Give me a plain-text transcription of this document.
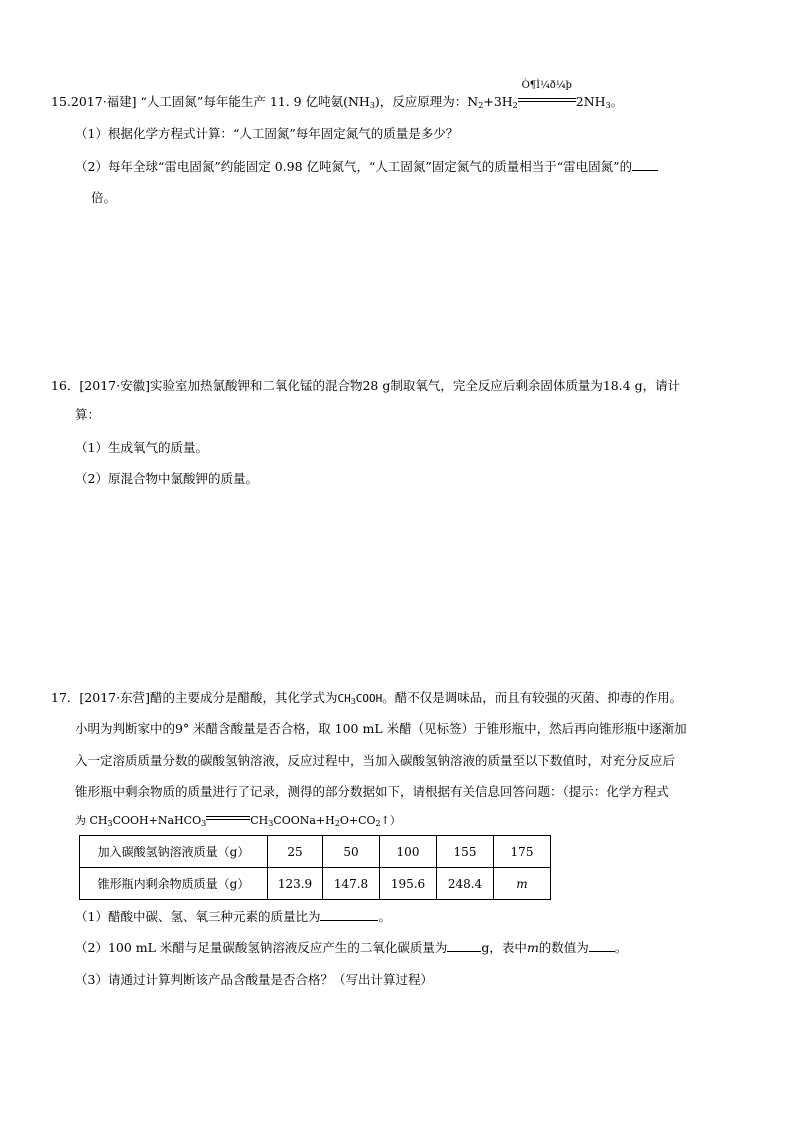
15.2017·福建] “人工固氮”每年能生产 11. 9 亿吨氨$(NH_3)$，反应原理为：$N_2+3H_2$
Ò¶Ì¼ð¼þ
$2NH_3$。
（1）根据化学方程式计算：“人工固氮”每年固定氮气的质量是多少？
（2）每年全球“雷电固氮”约能固定 0.98 亿吨氮气，“人工固氮”固定氮气的质量相当于“雷电固氮”的
倍。
16．[2017·安徽]实验室加热氯酸钾和二氧化锰的混合物28 g制取氧气，完全反应后剩余固体质量为18.4 g，请计
算：
（1）生成氧气的质量。
（2）原混合物中氯酸钾的质量。
17．[2017·东营]醋的主要成分是醋酸，其化学式为$CH_3COOH$。醋不仅是调味品，而且有较强的灭菌、抑毒的作用。
小明为判断家中的9° 米醋含酸量是否合格，取 100 mL 米醋（见标签）于锥形瓶中，然后再向锥形瓶中逐渐加
入一定溶质质量分数的碳酸氢钠溶液，反应过程中，当加入碳酸氢钠溶液的质量至以下数值时，对充分反应后
锥形瓶中剩余物质的质量进行了记录，测得的部分数据如下，请根据有关信息回答问题：（提示：化学方程式
为 $CH_3COOH+NaHCO_3$	$CH_3COONa+H_2O+CO_2↑$）
加入碳酸氢钠溶液质量（g）	25	50	100	155	175
锥形瓶内剩余物质质量（g）	123.9	147.8	195.6	248.4	m
（1）醋酸中碳、氢、氧三种元素的质量比为	。
（2）100 mL 米醋与足量碳酸氢钠溶液反应产生的二氧化碳质量为	g，表中m的数值为 。
（3）请通过计算判断该产品含酸量是否合格？（写出计算过程）
